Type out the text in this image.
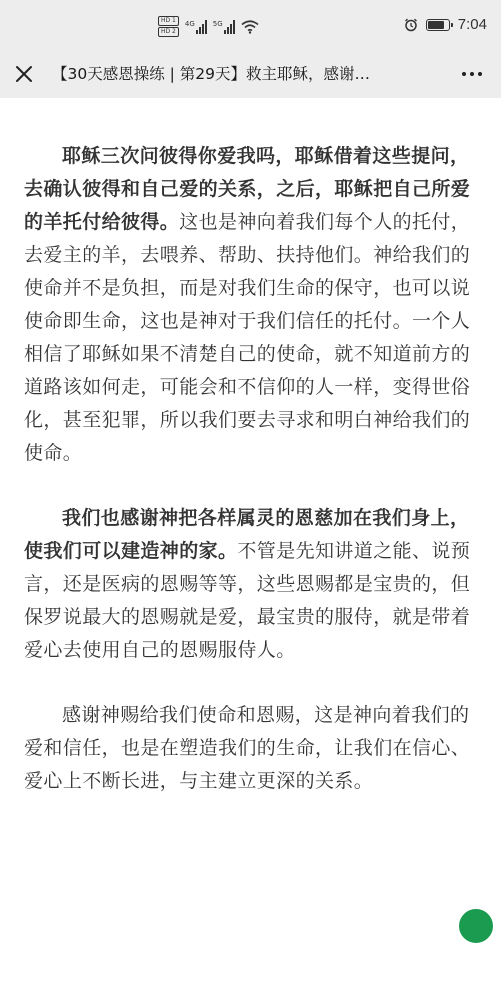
HD 1
HD 2
4G	5G	7:04
【30天感恩操练 | 第29天】救主耶稣，感谢…

耶稣三次问彼得你爱我吗，耶稣借着这些提问，去确认彼得和自己爱的关系，之后，耶稣把自己所爱的羊托付给彼得。这也是神向着我们每个人的托付，去爱主的羊，去喂养、帮助、扶持他们。神给我们的使命并不是负担，而是对我们生命的保守，也可以说使命即生命，这也是神对于我们信任的托付。一个人相信了耶稣如果不清楚自己的使命，就不知道前方的道路该如何走，可能会和不信仰的人一样，变得世俗化，甚至犯罪，所以我们要去寻求和明白神给我们的使命。

我们也感谢神把各样属灵的恩慈加在我们身上，使我们可以建造神的家。不管是先知讲道之能、说预言，还是医病的恩赐等等，这些恩赐都是宝贵的，但保罗说最大的恩赐就是爱，最宝贵的服侍，就是带着爱心去使用自己的恩赐服侍人。

感谢神赐给我们使命和恩赐，这是神向着我们的爱和信任，也是在塑造我们的生命，让我们在信心、爱心上不断长进，与主建立更深的关系。
